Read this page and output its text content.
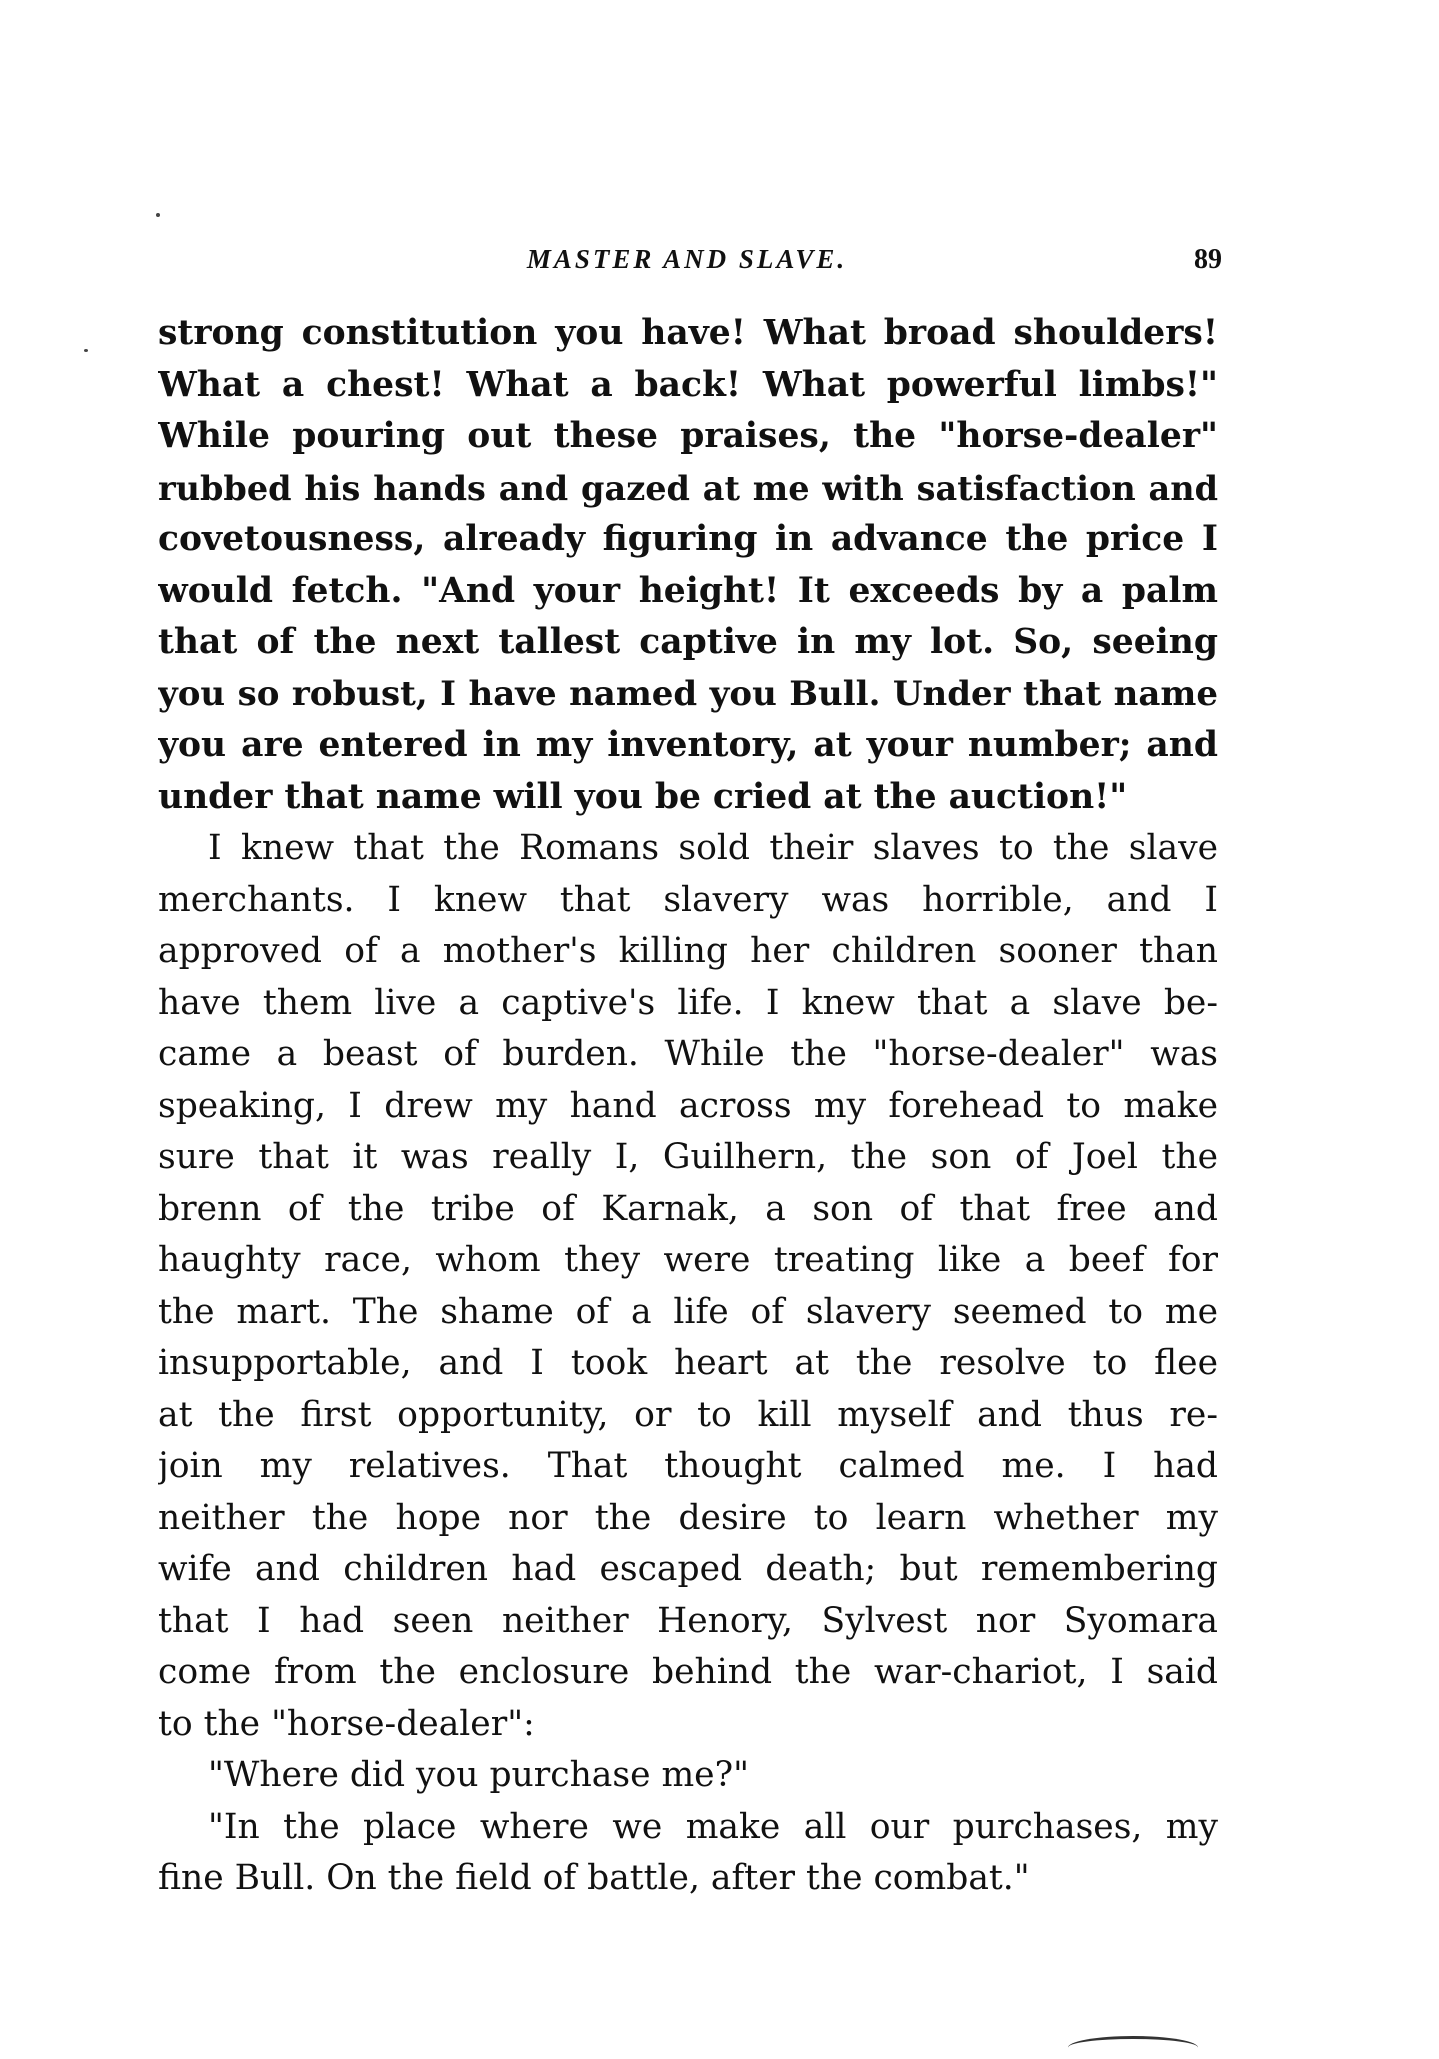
MASTER AND SLAVE.	89
strong constitution you have! What broad shoulders!
What a chest! What a back! What powerful limbs!"
While pouring out these praises, the "horse-dealer"
rubbed his hands and gazed at me with satisfaction and
covetousness, already figuring in advance the price I
would fetch. "And your height! It exceeds by a palm
that of the next tallest captive in my lot. So, seeing
you so robust, I have named you Bull. Under that name
you are entered in my inventory, at your number; and
under that name will you be cried at the auction!"
I knew that the Romans sold their slaves to the slave
merchants. I knew that slavery was horrible, and I
approved of a mother's killing her children sooner than
have them live a captive's life. I knew that a slave be-
came a beast of burden. While the "horse-dealer" was
speaking, I drew my hand across my forehead to make
sure that it was really I, Guilhern, the son of Joel the
brenn of the tribe of Karnak, a son of that free and
haughty race, whom they were treating like a beef for
the mart. The shame of a life of slavery seemed to me
insupportable, and I took heart at the resolve to flee
at the first opportunity, or to kill myself and thus re-
join my relatives. That thought calmed me. I had
neither the hope nor the desire to learn whether my
wife and children had escaped death; but remembering
that I had seen neither Henory, Sylvest nor Syomara
come from the enclosure behind the war-chariot, I said
to the "horse-dealer":
"Where did you purchase me?"
"In the place where we make all our purchases, my
fine Bull. On the field of battle, after the combat."
